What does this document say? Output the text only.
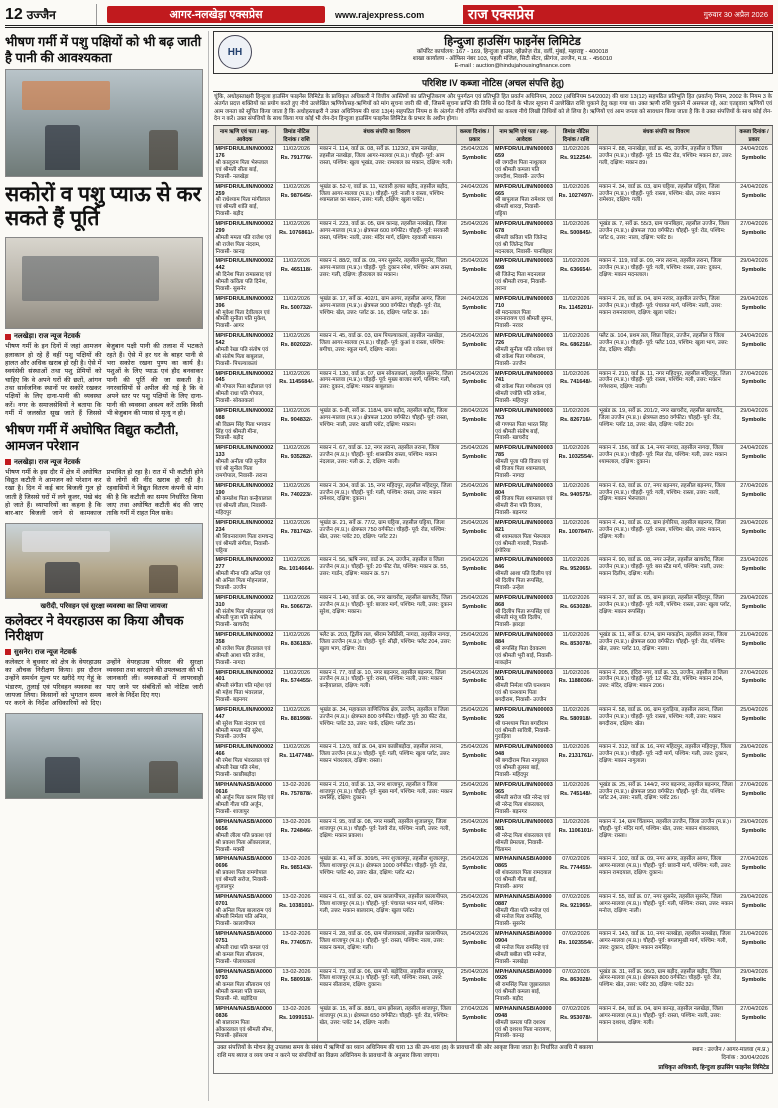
12 उज्जैन	आगर-नलखेड़ा एक्सप्रेस	www.rajexpress.com	राज एक्सप्रेस	गुरुवार 30 अप्रैल 2026
भीषण गर्मी में पशु पक्षियों को भी बढ़ जाती है पानी की आवश्यकता
सकोरों व पशु प्याऊ से कर सकते हैं पूर्ति
नलखेड़ा। राज न्यूज नेटवर्क
भीषण गर्मी के इन दिनों में जहां आमजन हलाकान हो रहे हैं वहीं पशु पक्षियों की हालत और अधिक खराब हो रही है। ऐसे में स्वयंसेवी संस्थाओं तथा पशु प्रेमियों को चाहिए कि वे अपने घरों की छतों, आंगन तथा सार्वजनिक स्थानों पर सकोरे रखकर पक्षियों के लिए दाना-पानी की व्यवस्था करें। नगर के समाजसेवियों ने बताया कि गर्मी में जलस्रोत सूख जाते हैं जिससे बेजुबान पक्षी पानी की तलाश में भटकते रहते हैं। ऐसे में हर घर के बाहर पानी से भरा सकोरा रखना पुण्य का कार्य है। पशुओं के लिए प्याऊ एवं हौद बनवाकर पानी की पूर्ति की जा सकती है। नगरवासियों से अपील की गई है कि वे अपने स्तर पर पशु पक्षियों के लिए दाना-पानी की व्यवस्था अवश्य करें ताकि किसी भी बेजुबान की प्यास से मृत्यु न हो।
भीषण गर्मी में अघोषित विद्युत कटौती, आमजन परेशान
नलखेड़ा। राज न्यूज नेटवर्क
भीषण गर्मी के इस दौर में क्षेत्र में अघोषित विद्युत कटौती ने आमजन को परेशान कर रखा है। दिन में कई बार बिजली गुल हो जाती है जिससे घरों में लगे कूलर, पंखे बंद हो जाते हैं। व्यापारियों का कहना है कि बार-बार बिजली जाने से कामकाज प्रभावित हो रहा है। रात में भी कटौती होने से लोगों की नींद खराब हो रही है। रहवासियों ने विद्युत वितरण कंपनी से मांग की है कि कटौती का समय निर्धारित किया जाए तथा अघोषित कटौती बंद की जाए ताकि गर्मी में राहत मिल सके।
खरीदी, परिवहन एवं सुरक्षा व्यवस्था का लिया जायजा
कलेक्टर ने वेयरहाउस का किया औचक निरीक्षण
सुसनेर। राज न्यूज नेटवर्क
कलेक्टर ने बुधवार को क्षेत्र के वेयरहाउस का औचक निरीक्षण किया। इस दौरान उन्होंने समर्थन मूल्य पर खरीदे गए गेहूं के भंडारण, तुलाई एवं परिवहन व्यवस्था का जायजा लिया। किसानों को भुगतान समय पर करने के निर्देश अधिकारियों को दिए। उन्होंने वेयरहाउस परिसर की सुरक्षा व्यवस्था तथा बारदाने की उपलब्धता की भी जानकारी ली। व्यवस्थाओं में लापरवाही पाए जाने पर संबंधितों को नोटिस जारी करने के निर्देश दिए गए।
HH
हिन्दुजा हाउसिंग फाइनेंस लिमिटेड
कॉर्पोरेट कार्यालय: 167 - 169, हिन्दुजा हाउस, व्हीक्रोज़ रोड, वर्ली, मुंबई, महाराष्ट्र - 400018
शाखा कार्यालय - ऑफिस नंबर 103, पहली मंजिल, सिटी सेंटर, फ्रीगंज, उज्जैन, म.प्र. - 456010
E-mail : auction@hindujahousingfinance.com
परिशिष्ट IV कब्जा नोटिस (अचल संपत्ति हेतु)
चूंकि, अधोहस्ताक्षरी हिन्दुजा हाउसिंग फाइनेंस लिमिटेड के प्राधिकृत अधिकारी ने वित्तीय आस्तियों का प्रतिभूतिकरण और पुनर्गठन एवं प्रतिभूति हित प्रवर्तन अधिनियम, 2002 (अधिनियम 54/2002) की धारा 13(12) सहपठित प्रतिभूति हित (प्रवर्तन) नियम, 2002 के नियम 3 के अंतर्गत प्रदत्त शक्तियों का प्रयोग करते हुए नीचे उल्लेखित ऋणियों/सह-ऋणियों को मांग सूचना जारी की थी, जिसमें सूचना प्राप्ति की तिथि से 60 दिनों के भीतर सूचना में उल्लेखित राशि चुकाने हेतु कहा गया था। उक्त ऋणी राशि चुकाने में असफल रहे, अतः एतद्द्वारा ऋणियों एवं आम जनता को सूचित किया जाता है कि अधोहस्ताक्षरी ने उक्त अधिनियम की धारा 13(4) सहपठित नियम 8 के अंतर्गत नीचे वर्णित संपत्तियों का कब्जा नीचे लिखी तिथियों को ले लिया है। ऋणियों एवं आम जनता को सावधान किया जाता है कि वे उक्त संपत्तियों के साथ कोई लेन-देन न करें। उक्त संपत्तियों के साथ किया गया कोई भी लेन-देन हिन्दुजा हाउसिंग फाइनेंस लिमिटेड के प्रभार के अधीन होगा।
नाम ऋणि एवं पता / सह-आवेदक
डिमांड नोटिस दिनांक / राशि
बंधक संपत्ति का विवरण	कब्जा दिनांक / प्रकार
MP/FDR/UL/IN/N00002176
श्री कालूराम पिता भेरूलाल एवं श्रीमती सीता बाई, निवासी- नलखेड़ा
11/02/2026
Rs. 791776/-
मकान नं. 114, वार्ड क्र. 08, सर्वे क्र. 1123/2, ग्राम नलखेड़ा, तहसील नलखेड़ा, जिला आगर-मालवा (म.प्र.)। चौहद्दी- पूर्व: आम रास्ता, पश्चिम: खुला भूखंड, उत्तर: रामलाल का मकान, दक्षिण: गली।
25/04/2026
Symbolic
MP/FDR/UL/IN/N00002259
श्री राधेश्याम पिता मांगीलाल एवं श्रीमती शांति बाई, निवासी- बड़ौद
11/02/2026
Rs. 987645/-
भूखंड क्र. 52-ए, वार्ड क्र. 11, पटवारी हल्का बड़ौद, तहसील बड़ौद, जिला आगर-मालवा (म.प्र.)। चौहद्दी- पूर्व: नाली व रास्ता, पश्चिम: श्यामलाल का मकान, उत्तर: गली, दक्षिण: खुला प्लॉट।
24/04/2026
Symbolic
MP/FDR/UL/IN/N00002299
श्रीमती ममता पति राजेश एवं श्री राजेश पिता नंदराम, निवासी- कानड़
11/02/2026
Rs. 1076861/-
मकान नं. 223, वार्ड क्र. 05, ग्राम कानड़, तहसील नलखेड़ा, जिला आगर-मालवा (म.प्र.)। क्षेत्रफल 600 वर्गफीट। चौहद्दी- पूर्व: सरकारी रास्ता, पश्चिम: नाली, उत्तर: मंदिर मार्ग, दक्षिण: रहवासी मकान।
25/04/2026
Symbolic
MP/FDR/UL/IN/N00002442
श्री दिनेश पिता रामप्रसाद एवं श्रीमती कविता पति दिनेश, निवासी- सुसनेर
11/02/2026
Rs. 465118/-
मकान नं. 88/2, वार्ड क्र. 09, नगर सुसनेर, तहसील सुसनेर, जिला आगर-मालवा (म.प्र.)। चौहद्दी- पूर्व: दुकान रमेश, पश्चिम: आम रास्ता, उत्तर: गली, दक्षिण: हीरालाल का मकान।
25/04/2026
Symbolic
MP/FDR/UL/IN/N00002396
श्री मुकेश पिता देवीलाल एवं श्रीमती सुनीता पति मुकेश, निवासी- आगर
11/02/2026
Rs. 500732/-
भूखंड क्र. 17, सर्वे क्र. 402/1, ग्राम आगर, तहसील आगर, जिला आगर-मालवा (म.प्र.)। क्षेत्रफल 900 वर्गफीट। चौहद्दी- पूर्व: रोड, पश्चिम: खेत, उत्तर: प्लॉट क्र. 16, दक्षिण: प्लॉट क्र. 18।
24/04/2026
Symbolic
MP/FDR/UL/IN/N00002542
श्रीमती रेखा पति संतोष एवं श्री संतोष पिता बाबूलाल, निवासी- पिपल्याकलां
11/02/2026
Rs. 802022/-
मकान नं. 45, वार्ड क्र. 03, ग्राम पिपल्याकलां, तहसील नलखेड़ा, जिला आगर-मालवा (म.प्र.)। चौहद्दी- पूर्व: कुआं व रास्ता, पश्चिम: बगीचा, उत्तर: स्कूल मार्ग, दक्षिण: नाला।
25/04/2026
Symbolic
MP/FDR/UL/IN/N00002045
श्री गोपाल पिता बद्रीलाल एवं श्रीमती राधा पति गोपाल, निवासी- सोयतकलां
11/02/2026
Rs. 1145684/-
मकान नं. 130, वार्ड क्र. 07, ग्राम सोयतकलां, तहसील सुसनेर, जिला आगर-मालवा (म.प्र.)। चौहद्दी- पूर्व: मुख्य बाजार मार्ग, पश्चिम: गली, उत्तर: दुकान, दक्षिण: मकान बाबूलाल।
25/04/2026
Symbolic
MP/FDR/UL/IN/N00002088
श्री विक्रम सिंह पिता भगवान सिंह एवं श्रीमती मीना, निवासी- बड़ौद
11/02/2026
Rs. 904832/-
भूखंड क्र. 9-बी, सर्वे क्र. 118/4, ग्राम बड़ौद, तहसील बड़ौद, जिला आगर-मालवा (म.प्र.)। क्षेत्रफल 1200 वर्गफीट। चौहद्दी- पूर्व: रास्ता, पश्चिम: नाली, उत्तर: खाली प्लॉट, दक्षिण: मकान।
28/04/2026
Symbolic
MP/FDR/UL/IN/N00002133
श्रीमती अनीता पति सुनील एवं श्री सुनील पिता रामगोपाल, निवासी- तराना
11/02/2026
Rs. 935282/-
मकान नं. 67, वार्ड क्र. 12, नगर तराना, तहसील तराना, जिला उज्जैन (म.प्र.)। चौहद्दी- पूर्व: शासकीय रास्ता, पश्चिम: मकान नंदलाल, उत्तर: गली क्र. 2, दक्षिण: नाली।
25/04/2026
Symbolic
MP/FDR/UL/IN/N00002190
श्री कमलेश पिता कन्हैयालाल एवं श्रीमती लीला, निवासी- महिदपुर
11/02/2026
Rs. 740223/-
मकान नं. 304, वार्ड क्र. 15, नगर महिदपुर, तहसील महिदपुर, जिला उज्जैन (म.प्र.)। चौहद्दी- पूर्व: गली, पश्चिम: रास्ता, उत्तर: मकान रामेश्वर, दक्षिण: दुकान।
25/04/2026
Symbolic
MP/FDR/UL/IN/N00002234
श्री शिवनारायण पिता रामचन्द्र एवं श्रीमती संगीता, निवासी- घट्टिया
11/02/2026
Rs. 781742/-
भूखंड क्र. 21, सर्वे क्र. 77/2, ग्राम घट्टिया, तहसील घट्टिया, जिला उज्जैन (म.प्र.)। क्षेत्रफल 750 वर्गफीट। चौहद्दी- पूर्व: रोड, पश्चिम: खेत, उत्तर: प्लॉट 20, दक्षिण: प्लॉट 22।
25/04/2026
Symbolic
MP/FDR/UL/IN/N00002277
श्रीमती मीना पति अनिल एवं श्री अनिल पिता मोहनलाल, निवासी- उज्जैन
11/02/2026
Rs. 1014664/-
मकान नं. 56, ऋषि नगर, वार्ड क्र. 24, उज्जैन, तहसील व जिला उज्जैन (म.प्र.)। चौहद्दी- पूर्व: 20 फीट रोड, पश्चिम: मकान क्र. 55, उत्तर: गार्डन, दक्षिण: मकान क्र. 57।
29/04/2026
Symbolic
MP/FDR/UL/IN/N00002310
श्री संतोष पिता मोहनलाल एवं श्रीमती पूजा पति संतोष, निवासी- खाचरौद
11/02/2026
Rs. 506672/-
मकान नं. 140, वार्ड क्र. 06, नगर खाचरौद, तहसील खाचरौद, जिला उज्जैन (म.प्र.)। चौहद्दी- पूर्व: बाजार मार्ग, पश्चिम: गली, उत्तर: दुकान सुरेश, दक्षिण: मकान।
25/04/2026
Symbolic
MP/FDR/UL/IN/N00002358
श्री राजेश पिता हीरालाल एवं श्रीमती आशा पति राजेश, निवासी- नागदा
11/02/2026
Rs. 836183/-
फ्लैट क्र. 203, द्वितीय तल, श्रीराम रेसीडेंसी, नागदा, तहसील नागदा, जिला उज्जैन (म.प्र.)। चौहद्दी- पूर्व: सीढ़ी, पश्चिम: फ्लैट 204, उत्तर: खुला भाग, दक्षिण: रोड।
25/04/2026
Symbolic
MP/FDR/UL/IN/N00002401
श्रीमती संगीता पति महेश एवं श्री महेश पिता भंवरलाल, निवासी- बड़नगर
11/02/2026
Rs. 574455/-
मकान नं. 77, वार्ड क्र. 10, नगर बड़नगर, तहसील बड़नगर, जिला उज्जैन (म.प्र.)। चौहद्दी- पूर्व: रास्ता, पश्चिम: नाली, उत्तर: मकान कन्हैयालाल, दक्षिण: गली।
25/04/2026
Symbolic
MP/FDR/UL/IN/N00002447
श्री सुरेश पिता नंदराम एवं श्रीमती ममता पति सुरेश, निवासी- उज्जैन
11/02/2026
Rs. 881998/-
भूखंड क्र. 34, महाकाल वाणिज्यिक क्षेत्र, उज्जैन, तहसील व जिला उज्जैन (म.प्र.)। क्षेत्रफल 800 वर्गफीट। चौहद्दी- पूर्व: 30 फीट रोड, पश्चिम: प्लॉट 33, उत्तर: पार्क, दक्षिण: प्लॉट 35।
25/04/2026
Symbolic
MP/FDR/UL/IN/N00002466
श्री रमेश पिता भंवरलाल एवं श्रीमती रेखा पति रमेश, निवासी- काछीबड़ौदा
11/02/2026
Rs. 1147748/-
मकान नं. 12/3, वार्ड क्र. 04, ग्राम काछीबड़ौदा, तहसील तराना, जिला उज्जैन (म.प्र.)। चौहद्दी- पूर्व: गली, पश्चिम: खुला प्लॉट, उत्तर: मकान भंवरलाल, दक्षिण: रास्ता।
25/04/2026
Symbolic
MP/HAN/NASB/A00000616
श्री अर्जुन पिता करण सिंह एवं श्रीमती गीता पति अर्जुन, निवासी- शाजापुर
13-02-2026
Rs. 757878/-
मकान नं. 210, वार्ड क्र. 13, नगर शाजापुर, तहसील व जिला शाजापुर (म.प्र.)। चौहद्दी- पूर्व: मुख्य मार्ग, पश्चिम: गली, उत्तर: मकान रामसिंह, दक्षिण: दुकान।
25/04/2026
Symbolic
MP/HAN/NASB/A00000656
श्रीमती लीला पति प्रकाश एवं श्री प्रकाश पिता ओंकारलाल, निवासी- मक्सी
13-02-2026
Rs. 724846/-
मकान नं. 95, वार्ड क्र. 08, नगर मक्सी, तहसील शुजालपुर, जिला शाजापुर (म.प्र.)। चौहद्दी- पूर्व: रेलवे रोड, पश्चिम: नाली, उत्तर: गली, दक्षिण: मकान प्रकाश।
25/04/2026
Symbolic
MP/HAN/NASB/A00000696
श्री प्रकाश पिता रामगोपाल एवं श्रीमती सरोज, निवासी- शुजालपुर
13-02-2026
Rs. 985143/-
भूखंड क्र. 41, सर्वे क्र. 309/5, नगर शुजालपुर, तहसील शुजालपुर, जिला शाजापुर (म.प्र.)। क्षेत्रफल 1000 वर्गफीट। चौहद्दी- पूर्व: रोड, पश्चिम: प्लॉट 40, उत्तर: खेत, दक्षिण: प्लॉट 42।
25/04/2026
Symbolic
MP/HAN/NASB/A00000701
श्री अनिल पिता बालाराम एवं श्रीमती निर्मला पति अनिल, निवासी- कालापीपल
13-02-2026
Rs. 1038101/-
मकान नं. 61, वार्ड क्र. 02, ग्राम कालापीपल, तहसील कालापीपल, जिला शाजापुर (म.प्र.)। चौहद्दी- पूर्व: पंचायत भवन मार्ग, पश्चिम: गली, उत्तर: मकान बालाराम, दक्षिण: खुला प्लॉट।
25/04/2026
Symbolic
MP/HAN/NASB/A00000751
श्रीमती राधा पति कमल एवं श्री कमल पिता सीताराम, निवासी- पोलायकलां
13-02-2026
Rs. 774057/-
मकान नं. 28, वार्ड क्र. 05, ग्राम पोलायकलां, तहसील कालापीपल, जिला शाजापुर (म.प्र.)। चौहद्दी- पूर्व: रास्ता, पश्चिम: नाला, उत्तर: मकान कमल, दक्षिण: गली।
25/04/2026
Symbolic
MP/HAN/NASB/A00000793
श्री कमल पिता सीताराम एवं श्रीमती कमला पति कमल, निवासी- मो. बड़ोदिया
13-02-2026
Rs. 580918/-
मकान नं. 73, वार्ड क्र. 06, ग्राम मो. बड़ोदिया, तहसील शाजापुर, जिला शाजापुर (म.प्र.)। चौहद्दी- पूर्व: गली, पश्चिम: रास्ता, उत्तर: मकान सीताराम, दक्षिण: दुकान।
25/04/2026
Symbolic
MP/HAN/NASB/A00000836
श्री बालाराम पिता ओंकारलाल एवं श्रीमती सीमा, निवासी- झोंसला
13-02-2026
Rs. 1099151/-
भूखंड क्र. 15, सर्वे क्र. 88/1, ग्राम झोंसला, तहसील शाजापुर, जिला शाजापुर (म.प्र.)। क्षेत्रफल 650 वर्गफीट। चौहद्दी- पूर्व: रोड, पश्चिम: खेत, उत्तर: प्लॉट 14, दक्षिण: नाली।
27/04/2026
Symbolic
नाम ऋणि एवं पता / सह-आवेदक
डिमांड नोटिस दिनांक / राशि
बंधक संपत्ति का विवरण	कब्जा दिनांक / प्रकार
MP/FDR/UL/IN/N00003659
श्री जगदीश पिता नाथूलाल एवं श्रीमती कमला पति जगदीश, निवासी- उज्जैन
11/02/2026
Rs. 912254/-
मकान नं. 88, नानाखेड़ा, वार्ड क्र. 45, उज्जैन, तहसील व जिला उज्जैन (म.प्र.)। चौहद्दी- पूर्व: 15 फीट रोड, पश्चिम: मकान 87, उत्तर: गली, दक्षिण: मकान 89।
24/04/2026
Symbolic
MP/FDR/UL/IN/N00003665
श्री बापूलाल पिता रामेश्वर एवं श्रीमती शारदा, निवासी- घट्टिया
11/02/2026
Rs. 1027497/-
मकान नं. 34, वार्ड क्र. 03, ग्राम घट्टिया, तहसील घट्टिया, जिला उज्जैन (म.प्र.)। चौहद्दी- पूर्व: रास्ता, पश्चिम: खेत, उत्तर: मकान रामेश्वर, दक्षिण: गली।
24/04/2026
Symbolic
MP/FDR/UL/IN/N00003678
श्रीमती कविता पति जितेन्द्र एवं श्री जितेन्द्र पिता मदनलाल, निवासी- पानबिहार
11/02/2026
Rs. 500845/-
भूखंड क्र. 7, सर्वे क्र. 55/3, ग्राम पानबिहार, तहसील उज्जैन, जिला उज्जैन (म.प्र.)। क्षेत्रफल 700 वर्गफीट। चौहद्दी- पूर्व: रोड, पश्चिम: प्लॉट 6, उत्तर: नाला, दक्षिण: प्लॉट 8।
27/04/2026
Symbolic
MP/FDR/UL/IN/N00003698
श्री जितेन्द्र पिता मदनलाल एवं श्रीमती रचना, निवासी- तराना
11/02/2026
Rs. 636654/-
मकान नं. 119, वार्ड क्र. 09, नगर तराना, तहसील तराना, जिला उज्जैन (म.प्र.)। चौहद्दी- पूर्व: गली, पश्चिम: रास्ता, उत्तर: दुकान, दक्षिण: मकान मदनलाल।
29/04/2026
Symbolic
MP/FDR/UL/IN/N00003710
श्री मदनलाल पिता रामनारायण एवं श्रीमती सुमन, निवासी- नरवर
11/02/2026
Rs. 1145201/-
मकान नं. 26, वार्ड क्र. 04, ग्राम नरवर, तहसील उज्जैन, जिला उज्जैन (म.प्र.)। चौहद्दी- पूर्व: पंचायत मार्ग, पश्चिम: नाली, उत्तर: मकान रामनारायण, दक्षिण: खुला प्लॉट।
29/04/2026
Symbolic
MP/FDR/UL/IN/N00003726
श्रीमती सुनीता पति राकेश एवं श्री राकेश पिता गणेशराम, निवासी- उज्जैन
11/02/2026
Rs. 686216/-
फ्लैट क्र. 104, प्रथम तल, शिप्रा विहार, उज्जैन, तहसील व जिला उज्जैन (म.प्र.)। चौहद्दी- पूर्व: फ्लैट 103, पश्चिम: खुला भाग, उत्तर: रोड, दक्षिण: सीढ़ी।
24/04/2026
Symbolic
MP/FDR/UL/IN/N00003741
श्री राकेश पिता गणेशराम एवं श्रीमती ज्योति पति राकेश, निवासी- महिदपुर
11/02/2026
Rs. 741648/-
मकान नं. 210, वार्ड क्र. 11, नगर महिदपुर, तहसील महिदपुर, जिला उज्जैन (म.प्र.)। चौहद्दी- पूर्व: रास्ता, पश्चिम: गली, उत्तर: मकान गणेशराम, दक्षिण: नाली।
27/04/2026
Symbolic
MP/FDR/UL/IN/N00003763
श्री गणपत पिता भारत सिंह एवं श्रीमती संतोष बाई, निवासी- खाचरौद
11/02/2026
Rs. 826716/-
भूखंड क्र. 19, सर्वे क्र. 201/2, नगर खाचरौद, तहसील खाचरौद, जिला उज्जैन (म.प्र.)। क्षेत्रफल 850 वर्गफीट। चौहद्दी- पूर्व: रोड, पश्चिम: प्लॉट 18, उत्तर: खेत, दक्षिण: प्लॉट 20।
29/04/2026
Symbolic
MP/FDR/UL/IN/N00003785
श्रीमती पूजा पति विजय एवं श्री विजय पिता श्यामलाल, निवासी- नागदा
11/02/2026
Rs. 1032554/-
मकान नं. 156, वार्ड क्र. 14, नगर नागदा, तहसील नागदा, जिला उज्जैन (म.प्र.)। चौहद्दी- पूर्व: मिल रोड, पश्चिम: गली, उत्तर: मकान श्यामलाल, दक्षिण: दुकान।
24/04/2026
Symbolic
MP/FDR/UL/IN/N00003804
श्री विजय पिता श्यामलाल एवं श्रीमती रीना पति विजय, निवासी- बड़नगर
11/02/2026
Rs. 940575/-
मकान नं. 63, वार्ड क्र. 07, नगर बड़नगर, तहसील बड़नगर, जिला उज्जैन (म.प्र.)। चौहद्दी- पूर्व: गली, पश्चिम: रास्ता, उत्तर: नाली, दक्षिण: मकान भेरूलाल।
27/04/2026
Symbolic
MP/FDR/UL/IN/N00003821
श्री श्यामलाल पिता भेरूलाल एवं श्रीमती गायत्री, निवासी- इंगोरिया
11/02/2026
Rs. 1007847/-
मकान नं. 41, वार्ड क्र. 02, ग्राम इंगोरिया, तहसील बड़नगर, जिला उज्जैन (म.प्र.)। चौहद्दी- पूर्व: रास्ता, पश्चिम: खेत, उत्तर: मकान, दक्षिण: गली।
29/04/2026
Symbolic
MP/FDR/UL/IN/N00003846
श्रीमती आशा पति दिलीप एवं श्री दिलीप पिता रूपसिंह, निवासी- उन्हेल
11/02/2026
Rs. 952065/-
मकान नं. 90, वार्ड क्र. 08, नगर उन्हेल, तहसील खाचरौद, जिला उज्जैन (म.प्र.)। चौहद्दी- पूर्व: बस स्टैंड मार्ग, पश्चिम: नाली, उत्तर: मकान दिलीप, दक्षिण: गली।
23/04/2026
Symbolic
MP/FDR/UL/IN/N00003868
श्री दिलीप पिता रूपसिंह एवं श्रीमती मंजू पति दिलीप, निवासी- झारड़ा
11/02/2026
Rs. 663028/-
मकान नं. 37, वार्ड क्र. 05, ग्राम झारड़ा, तहसील महिदपुर, जिला उज्जैन (म.प्र.)। चौहद्दी- पूर्व: गली, पश्चिम: रास्ता, उत्तर: खुला प्लॉट, दक्षिण: मकान रूपसिंह।
29/04/2026
Symbolic
MP/FDR/UL/IN/N00003884
श्री रूपसिंह पिता देवकरण एवं श्रीमती भूरी बाई, निवासी- माकड़ोन
11/02/2026
Rs. 853078/-
भूखंड क्र. 11, सर्वे क्र. 67/4, ग्राम माकड़ोन, तहसील तराना, जिला उज्जैन (म.प्र.)। क्षेत्रफल 600 वर्गफीट। चौहद्दी- पूर्व: रोड, पश्चिम: खेत, उत्तर: प्लॉट 10, दक्षिण: नाला।
21/04/2026
Symbolic
MP/FDR/UL/IN/N00003901
श्रीमती निर्मला पति घनश्याम एवं श्री घनश्याम पिता बगदीराम, निवासी- उज्जैन
11/02/2026
Rs. 1188036/-
मकान नं. 205, इंदिरा नगर, वार्ड क्र. 33, उज्जैन, तहसील व जिला उज्जैन (म.प्र.)। चौहद्दी- पूर्व: 12 फीट रोड, पश्चिम: मकान 204, उत्तर: मंदिर, दक्षिण: मकान 206।
27/04/2026
Symbolic
MP/FDR/UL/IN/N00003926
श्री घनश्याम पिता बगदीराम एवं श्रीमती सावित्री, निवासी- गुराड़िया
11/02/2026
Rs. 580918/-
मकान नं. 58, वार्ड क्र. 06, ग्राम गुराड़िया, तहसील तराना, जिला उज्जैन (म.प्र.)। चौहद्दी- पूर्व: रास्ता, पश्चिम: गली, उत्तर: मकान बगदीराम, दक्षिण: खेत।
25/04/2026
Symbolic
MP/FDR/UL/IN/N00003948
श्री बगदीराम पिता नागूलाल एवं श्रीमती तुलसा बाई, निवासी- महिदपुर
11/02/2026
Rs. 2131761/-
मकान नं. 312, वार्ड क्र. 16, नगर महिदपुर, तहसील महिदपुर, जिला उज्जैन (म.प्र.)। चौहद्दी- पूर्व: नदी मार्ग, पश्चिम: गली, उत्तर: दुकान, दक्षिण: मकान नागूलाल।
29/04/2026
Symbolic
MP/FDR/UL/IN/N00003965
श्रीमती सरोज पति नरेन्द्र एवं श्री नरेन्द्र पिता शंकरलाल, निवासी- बड़नगर
11/02/2026
Rs. 745148/-
भूखंड क्र. 25, सर्वे क्र. 144/2, नगर बड़नगर, तहसील बड़नगर, जिला उज्जैन (म.प्र.)। क्षेत्रफल 950 वर्गफीट। चौहद्दी- पूर्व: रोड, पश्चिम: प्लॉट 24, उत्तर: नाली, दक्षिण: प्लॉट 26।
27/04/2026
Symbolic
MP/FDR/UL/IN/N00003981
श्री नरेन्द्र पिता शंकरलाल एवं श्रीमती प्रेमलता, निवासी- चिंतामन
11/02/2026
Rs. 1106101/-
मकान नं. 14, ग्राम चिंतामन, तहसील उज्जैन, जिला उज्जैन (म.प्र.)। चौहद्दी- पूर्व: मंदिर मार्ग, पश्चिम: खेत, उत्तर: मकान शंकरलाल, दक्षिण: रास्ता।
29/04/2026
Symbolic
MP/HAN/NASB/A00000865
श्री शंकरलाल पिता रामदयाल एवं श्रीमती गीता बाई, निवासी- आगर
07/02/2026
Rs. 774455/-
मकान नं. 102, वार्ड क्र. 09, नगर आगर, तहसील आगर, जिला आगर-मालवा (म.प्र.)। चौहद्दी- पूर्व: छावनी मार्ग, पश्चिम: गली, उत्तर: मकान रामदयाल, दक्षिण: दुकान।
27/04/2026
Symbolic
MP/HAN/NASB/A00000887
श्रीमती गीता पति मनोज एवं श्री मनोज पिता रामसिंह, निवासी- सुसनेर
07/02/2026
Rs. 921965/-
मकान नं. 55, वार्ड क्र. 07, नगर सुसनेर, तहसील सुसनेर, जिला आगर-मालवा (म.प्र.)। चौहद्दी- पूर्व: गली, पश्चिम: रास्ता, उत्तर: मकान मनोज, दक्षिण: नाली।
29/04/2026
Symbolic
MP/HAN/NASB/A00000904
श्री मनोज पिता रामसिंह एवं श्रीमती बबीता पति मनोज, निवासी- नलखेड़ा
07/02/2026
Rs. 1023554/-
मकान नं. 143, वार्ड क्र. 10, नगर नलखेड़ा, तहसील नलखेड़ा, जिला आगर-मालवा (म.प्र.)। चौहद्दी- पूर्व: बगलामुखी मार्ग, पश्चिम: गली, उत्तर: दुकान, दक्षिण: मकान रामसिंह।
21/04/2026
Symbolic
MP/HAN/NASB/A00000926
श्री रामसिंह पिता जुझारलाल एवं श्रीमती कमला बाई, निवासी- बड़ौद
07/02/2026
Rs. 863028/-
भूखंड क्र. 31, सर्वे क्र. 96/3, ग्राम बड़ौद, तहसील बड़ौद, जिला आगर-मालवा (म.प्र.)। क्षेत्रफल 800 वर्गफीट। चौहद्दी- पूर्व: रोड, पश्चिम: खेत, उत्तर: प्लॉट 30, दक्षिण: प्लॉट 32।
29/04/2026
Symbolic
MP/HAN/NASB/A00000948
श्रीमती कमला पति दशरथ एवं श्री दशरथ पिता नारायण, निवासी- कानड़
07/02/2026
Rs. 953078/-
मकान नं. 84, वार्ड क्र. 04, ग्राम कानड़, तहसील नलखेड़ा, जिला आगर-मालवा (म.प्र.)। चौहद्दी- पूर्व: रास्ता, पश्चिम: नाली, उत्तर: मकान दशरथ, दक्षिण: गली।
27/04/2026
Symbolic
उक्त संपत्तियों के मोचन हेतु उपलब्ध समय के संबंध में ऋणियों का ध्यान अधिनियम की धारा 13 की उप-धारा (8) के प्रावधानों की ओर आकृष्ट किया जाता है। निर्धारित अवधि में बकाया राशि मय ब्याज व व्यय जमा न करने पर संपत्तियों का विक्रय अधिनियम के प्रावधानों के अनुसार किया जाएगा।
स्थान : उज्जैन / आगर-मालवा (म.प्र.)
दिनांक : 30/04/2026
प्राधिकृत अधिकारी, हिन्दुजा हाउसिंग फाइनेंस लिमिटेड
